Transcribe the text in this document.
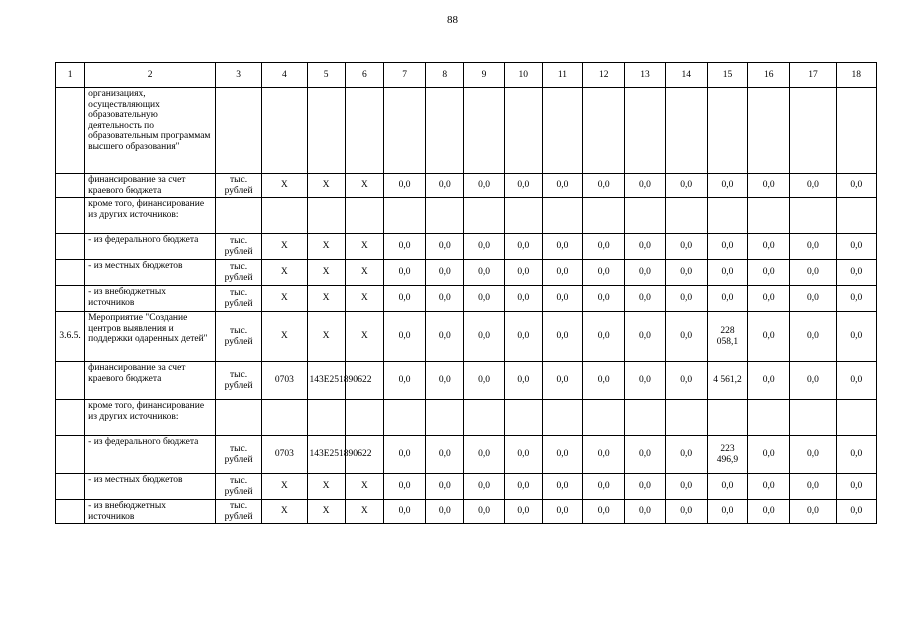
88
1	2	3	4	5	6	7	8	9	10	11	12	13	14	15	16	17	18
	организациях, осуществляющих образовательную деятельность по образовательным программам высшего образования"																
	финансирование за счет краевого бюджета	тыс. рублей	X	X	X	0,0	0,0	0,0	0,0	0,0	0,0	0,0	0,0	0,0	0,0	0,0	0,0
	кроме того, финансирование из других источников:																
	- из федерального бюджета	тыс. рублей	X	X	X	0,0	0,0	0,0	0,0	0,0	0,0	0,0	0,0	0,0	0,0	0,0	0,0
	- из местных бюджетов	тыс. рублей	X	X	X	0,0	0,0	0,0	0,0	0,0	0,0	0,0	0,0	0,0	0,0	0,0	0,0
	- из внебюджетных источников	тыс. рублей	X	X	X	0,0	0,0	0,0	0,0	0,0	0,0	0,0	0,0	0,0	0,0	0,0	0,0
3.6.5.	Мероприятие "Создание центров выявления и поддержки одаренных детей"	тыс. рублей	X	X	X	0,0	0,0	0,0	0,0	0,0	0,0	0,0	0,0	228 058,1	0,0	0,0	0,0
	финансирование за счет краевого бюджета	тыс. рублей	0703	143E251890	622	0,0	0,0	0,0	0,0	0,0	0,0	0,0	0,0	4 561,2	0,0	0,0	0,0
	кроме того, финансирование из других источников:																
	- из федерального бюджета	тыс. рублей	0703	143E251890	622	0,0	0,0	0,0	0,0	0,0	0,0	0,0	0,0	223 496,9	0,0	0,0	0,0
	- из местных бюджетов	тыс. рублей	X	X	X	0,0	0,0	0,0	0,0	0,0	0,0	0,0	0,0	0,0	0,0	0,0	0,0
	- из внебюджетных источников	тыс. рублей	X	X	X	0,0	0,0	0,0	0,0	0,0	0,0	0,0	0,0	0,0	0,0	0,0	0,0
